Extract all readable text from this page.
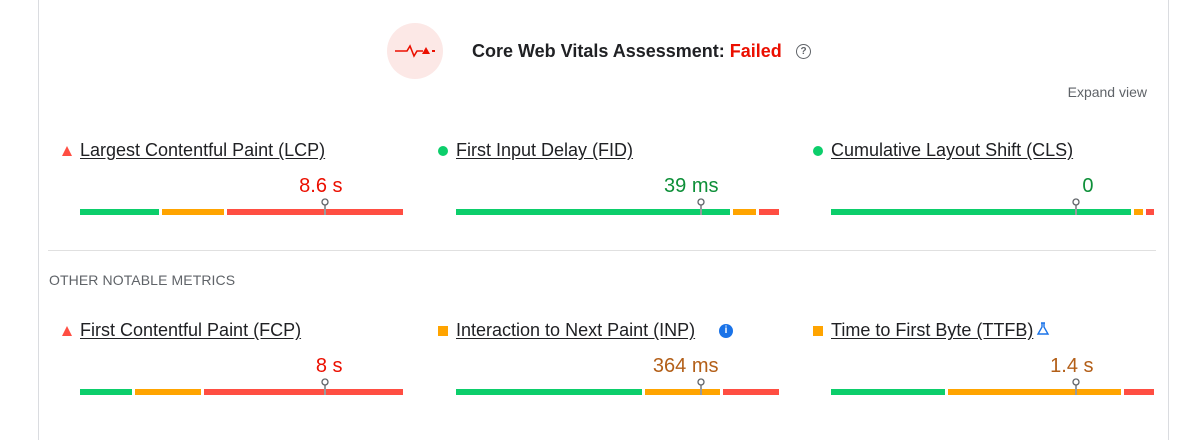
Core Web Vitals Assessment: Failed	?
Expand view
Largest Contentful Paint (LCP)
8.6 s
First Input Delay (FID)
39 ms
Cumulative Layout Shift (CLS)
0
OTHER NOTABLE METRICS
First Contentful Paint (FCP)
8 s
Interaction to Next Paint (INP)	i
364 ms
Time to First Byte (TTFB)
1.4 s
